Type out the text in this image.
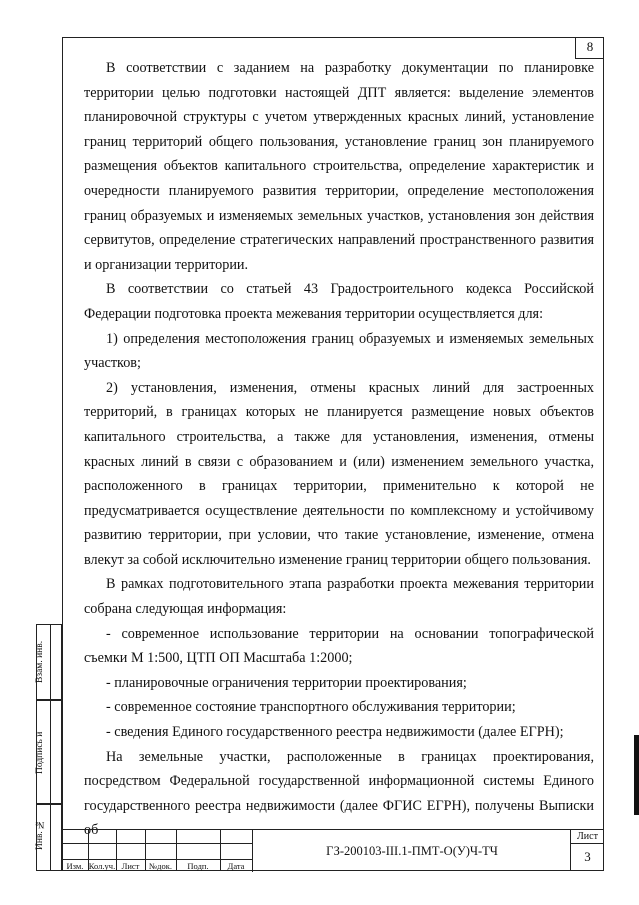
8

В соответствии с заданием на разработку документации по планировке территории целью подготовки настоящей ДПТ является: выделение элементов планировочной структуры с учетом утвержденных красных линий, установление границ территорий общего пользования, установление границ зон планируемого размещения объектов капитального строительства, определение характеристик и очередности планируемого развития территории, определение местоположения границ образуемых и изменяемых земельных участков, установления зон действия сервитутов, определение стратегических направлений пространственного развития и организации территории.

В соответствии со статьей 43 Градостроительного кодекса Российской Федерации подготовка проекта межевания территории осуществляется для:

1) определения местоположения границ образуемых и изменяемых земельных участков;

2) установления, изменения, отмены красных линий для застроенных территорий, в границах которых не планируется размещение новых объектов капитального строительства, а также для установления, изменения, отмены красных линий в связи с образованием и (или) изменением земельного участка, расположенного в границах территории, применительно к которой не предусматривается осуществление деятельности по комплексному и устойчивому развитию территории, при условии, что такие установление, изменение, отмена влекут за собой исключительно изменение границ территории общего пользования.

В рамках подготовительного этапа разработки проекта межевания территории собрана следующая информация:

- современное использование территории на основании топографической съемки М 1:500, ЦТП ОП Масштаба 1:2000;

- планировочные ограничения территории проектирования;

- современное состояние транспортного обслуживания территории;

- сведения Единого государственного реестра недвижимости (далее ЕГРН);

На земельные участки, расположенные в границах проектирования, посредством Федеральной государственной информационной системы Единого государственного реестра недвижимости (далее ФГИС ЕГРН), получены Выписки об

Взам. инв.
Подпись и
Инв. №
Изм. Кол.уч. Лист	№док.	Подп.	Дата
ГЗ-200103-III.1-ПМТ-О(У)Ч-ТЧ
Лист
3
